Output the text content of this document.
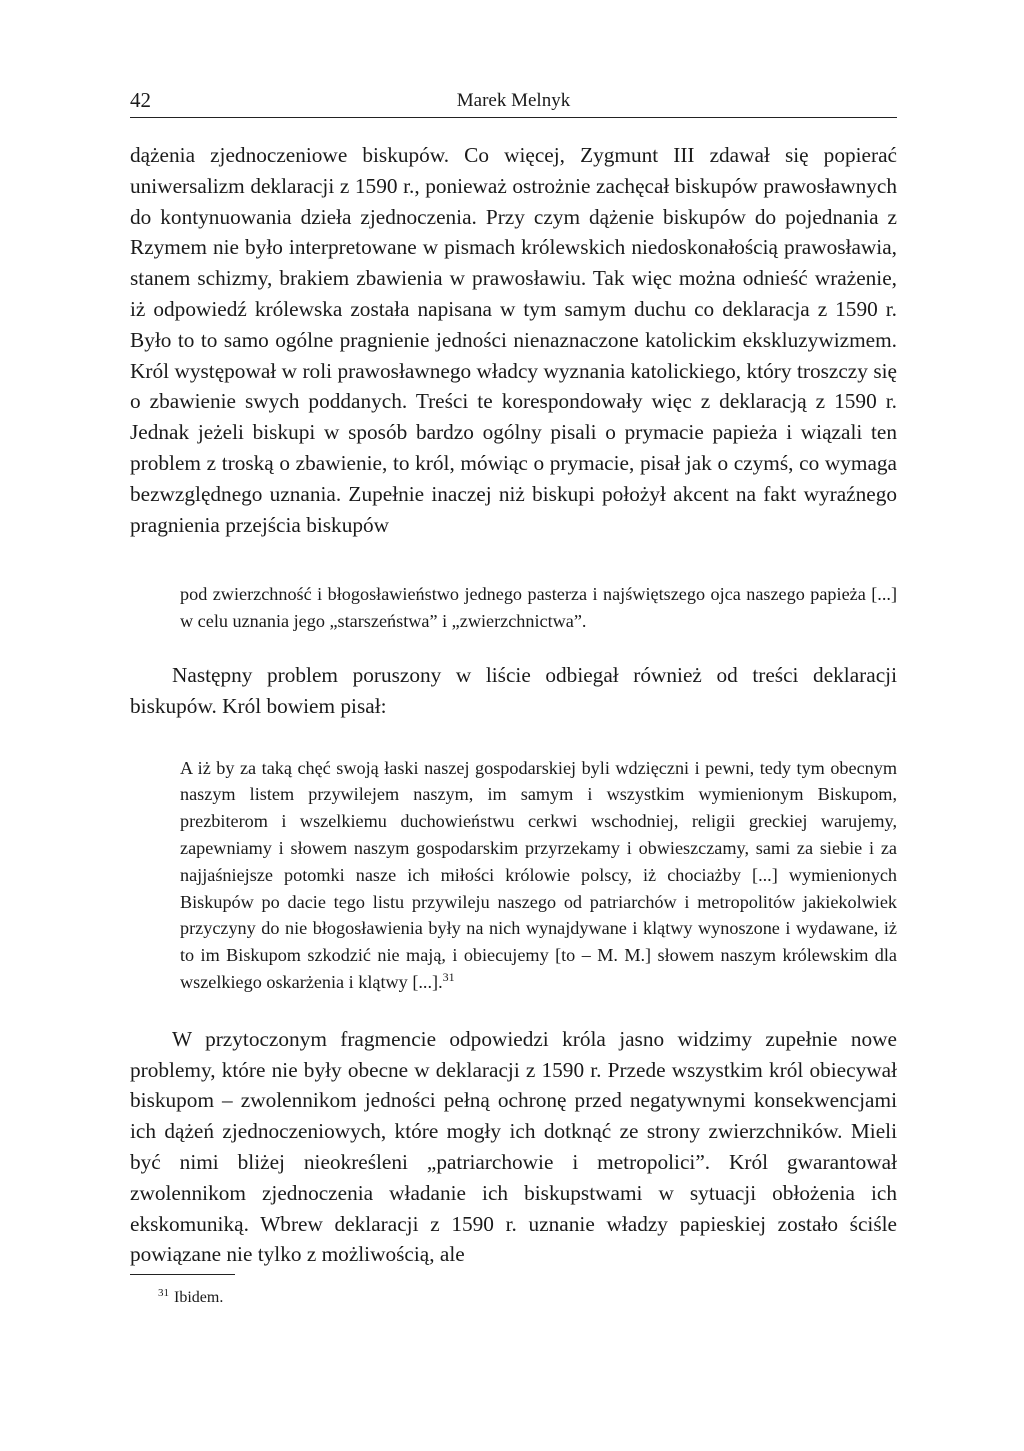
42	Marek Melnyk

dążenia zjednoczeniowe biskupów. Co więcej, Zygmunt III zdawał się popierać uniwersalizm deklaracji z 1590 r., ponieważ ostrożnie zachęcał biskupów prawosławnych do kontynuowania dzieła zjednoczenia. Przy czym dążenie biskupów do pojednania z Rzymem nie było interpretowane w pismach królewskich niedoskonałością prawosławia, stanem schizmy, brakiem zbawienia w prawosławiu. Tak więc można odnieść wrażenie, iż odpowiedź królewska została napisana w tym samym duchu co deklaracja z 1590 r. Było to to samo ogólne pragnienie jedności nienaznaczone katolickim ekskluzywizmem. Król występował w roli prawosławnego władcy wyznania katolickiego, który troszczy się o zbawienie swych poddanych. Treści te korespondowały więc z deklaracją z 1590 r. Jednak jeżeli biskupi w sposób bardzo ogólny pisali o prymacie papieża i wiązali ten problem z troską o zbawienie, to król, mówiąc o prymacie, pisał jak o czymś, co wymaga bezwzględnego uznania. Zupełnie inaczej niż biskupi położył akcent na fakt wyraźnego pragnienia przejścia biskupów

pod zwierzchność i błogosławieństwo jednego pasterza i najświętszego ojca naszego papieża [...] w celu uznania jego „starszeństwa” i „zwierzchnictwa”.

Następny problem poruszony w liście odbiegał również od treści deklaracji biskupów. Król bowiem pisał:

A iż by za taką chęć swoją łaski naszej gospodarskiej byli wdzięczni i pewni, tedy tym obecnym naszym listem przywilejem naszym, im samym i wszystkim wymienionym Biskupom, prezbiterom i wszelkiemu duchowieństwu cerkwi wschodniej, religii greckiej warujemy, zapewniamy i słowem naszym gospodarskim przyrzekamy i obwieszczamy, sami za siebie i za najjaśniejsze potomki nasze ich miłości królowie polscy, iż chociażby [...] wymienionych Biskupów po dacie tego listu przywileju naszego od patriarchów i metropolitów jakiekolwiek przyczyny do nie błogosławienia były na nich wynajdywane i klątwy wynoszone i wydawane, iż to im Biskupom szkodzić nie mają, i obiecujemy [to – M. M.] słowem naszym królewskim dla wszelkiego oskarżenia i klątwy [...].$^{31}$

W przytoczonym fragmencie odpowiedzi króla jasno widzimy zupełnie nowe problemy, które nie były obecne w deklaracji z 1590 r. Przede wszystkim król obiecywał biskupom – zwolennikom jedności pełną ochronę przed negatywnymi konsekwencjami ich dążeń zjednoczeniowych, które mogły ich dotknąć ze strony zwierzchników. Mieli być nimi bliżej nieokreśleni „patriarchowie i metropolici”. Król gwarantował zwolennikom zjednoczenia władanie ich biskupstwami w sytuacji obłożenia ich ekskomuniką. Wbrew deklaracji z 1590 r. uznanie władzy papieskiej zostało ściśle powiązane nie tylko z możliwością, ale

$^{31}$ Ibidem.
